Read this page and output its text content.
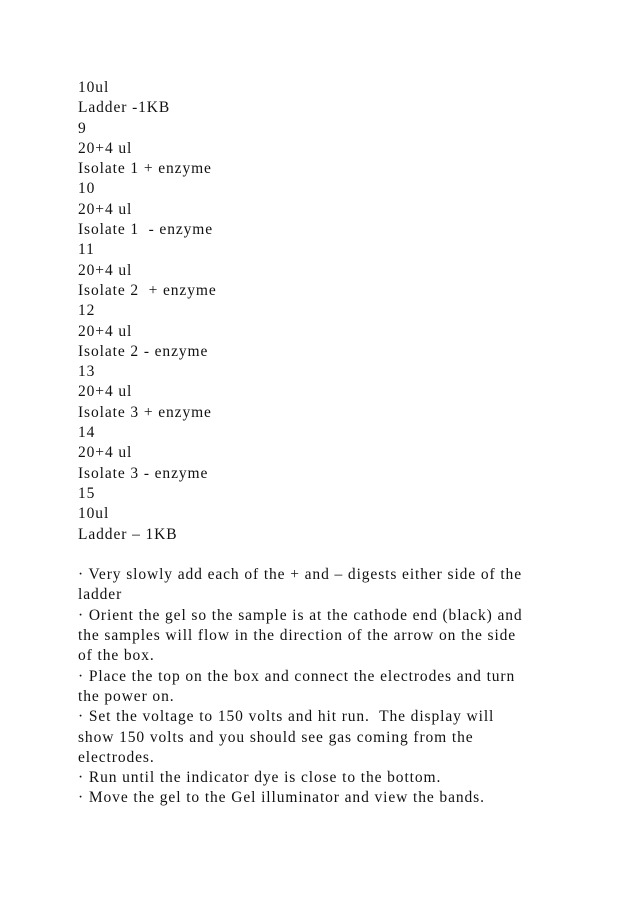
10ul
Ladder -1KB
9
20+4 ul
Isolate 1 + enzyme
10
20+4 ul
Isolate 1  - enzyme
11
20+4 ul
Isolate 2  + enzyme
12
20+4 ul
Isolate 2 - enzyme
13
20+4 ul
Isolate 3 + enzyme
14
20+4 ul
Isolate 3 - enzyme
15
10ul
Ladder – 1KB
· Very slowly add each of the + and – digests either side of the
ladder
· Orient the gel so the sample is at the cathode end (black) and
the samples will flow in the direction of the arrow on the side
of the box.
· Place the top on the box and connect the electrodes and turn
the power on.
· Set the voltage to 150 volts and hit run.  The display will
show 150 volts and you should see gas coming from the
electrodes.
· Run until the indicator dye is close to the bottom.
· Move the gel to the Gel illuminator and view the bands.
